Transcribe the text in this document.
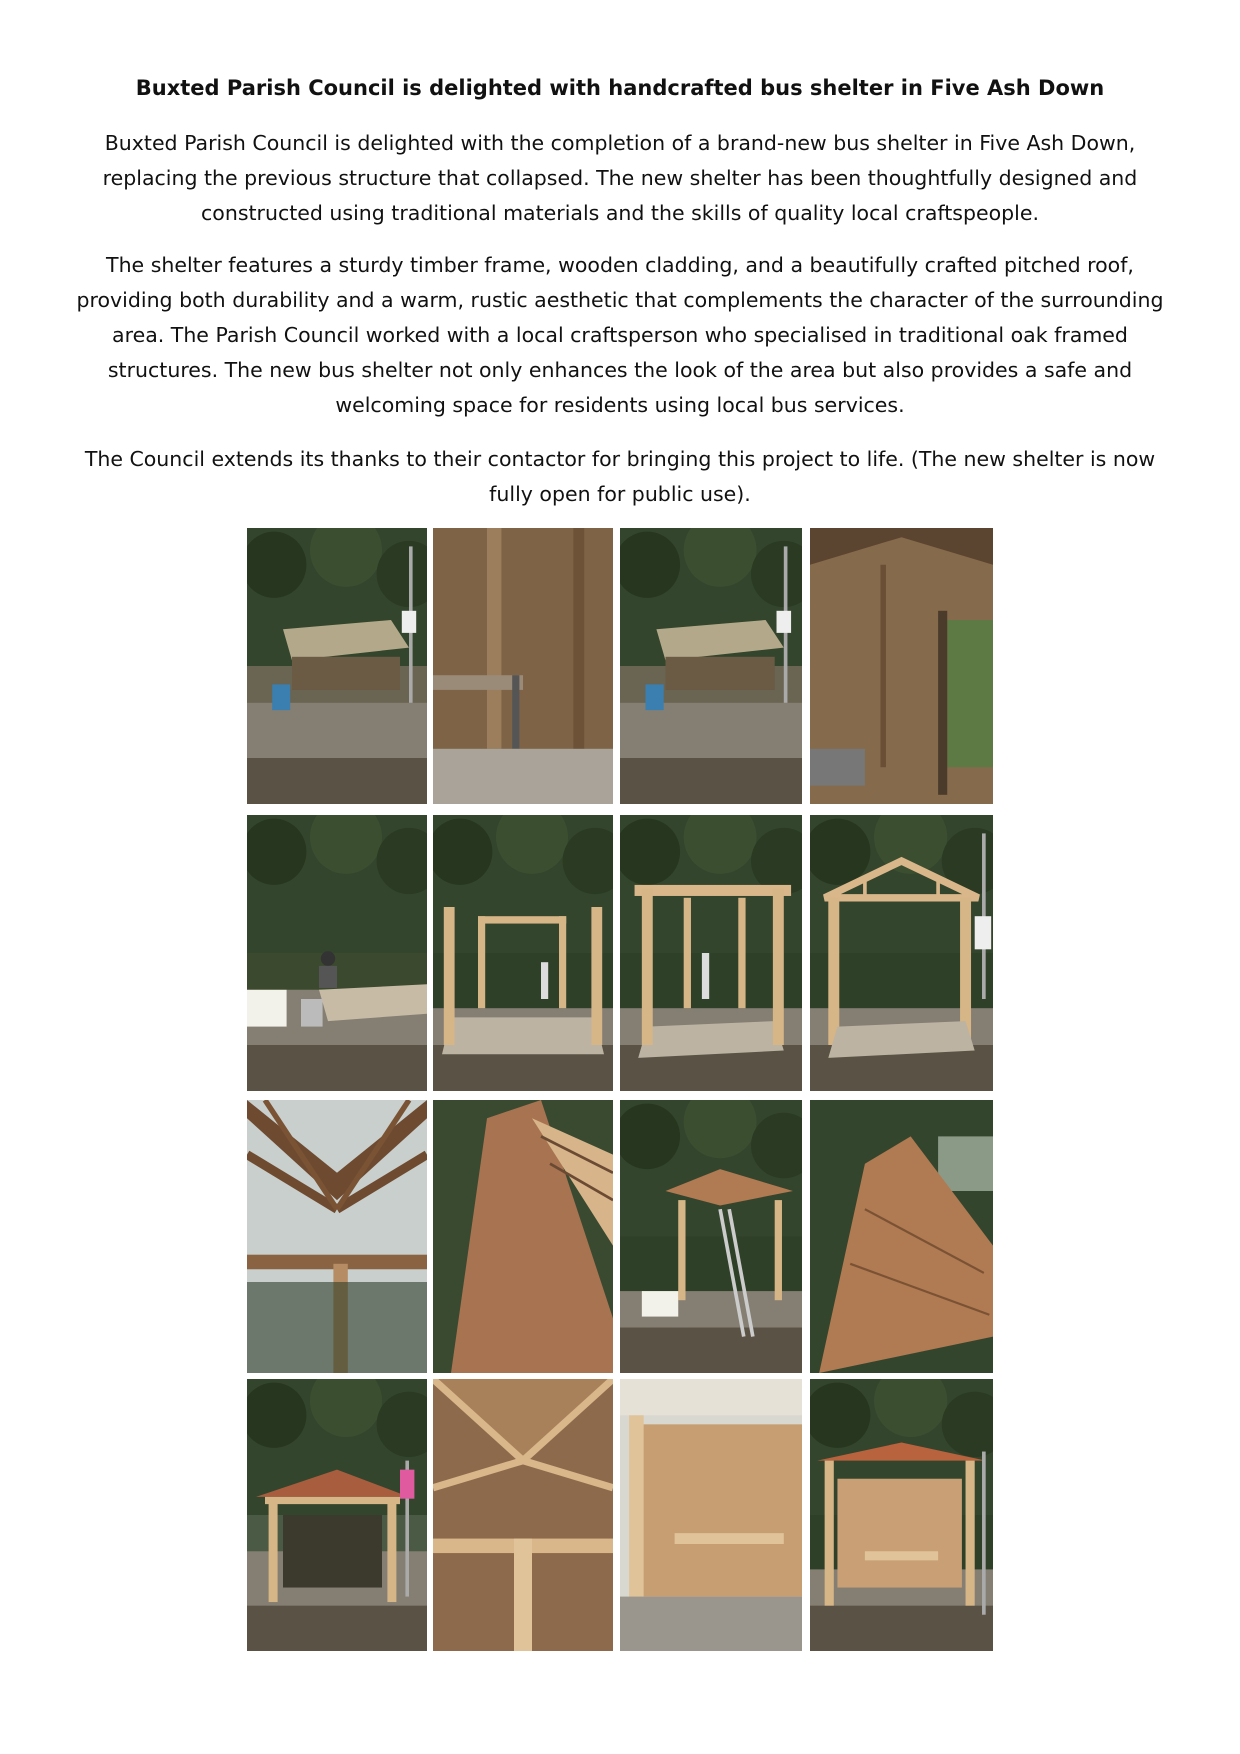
Buxted Parish Council is delighted with handcrafted bus shelter in Five Ash Down

Buxted Parish Council is delighted with the completion of a brand-new bus shelter in Five Ash Down, replacing the previous structure that collapsed. The new shelter has been thoughtfully designed and constructed using traditional materials and the skills of quality local craftspeople.

The shelter features a sturdy timber frame, wooden cladding, and a beautifully crafted pitched roof, providing both durability and a warm, rustic aesthetic that complements the character of the surrounding area. The Parish Council worked with a local craftsperson who specialised in traditional oak framed structures. The new bus shelter not only enhances the look of the area but also provides a safe and welcoming space for residents using local bus services.

The Council extends its thanks to their contactor for bringing this project to life. (The new shelter is now fully open for public use).
